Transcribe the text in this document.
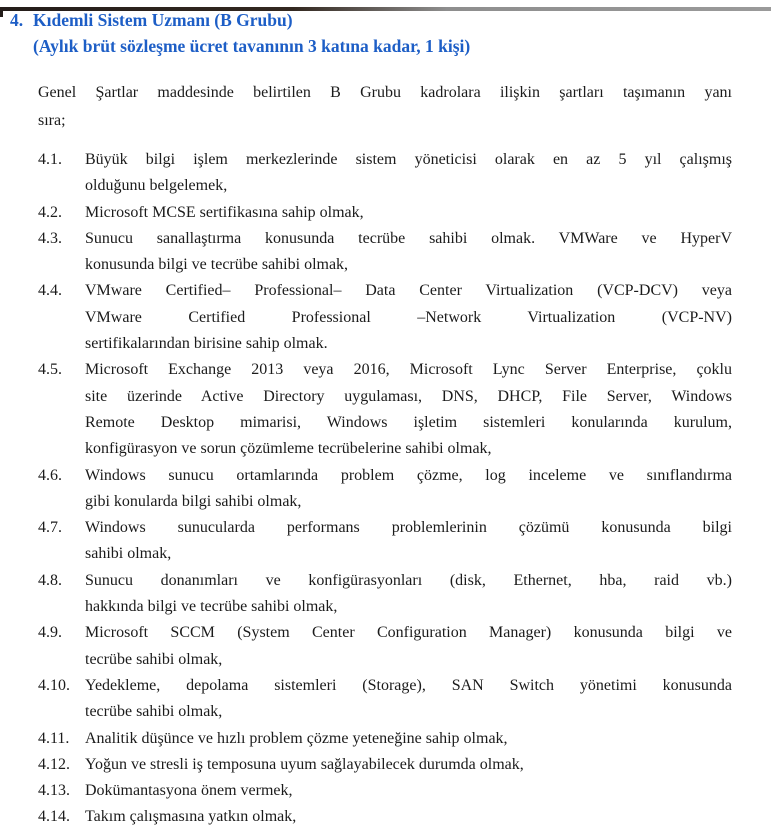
4. Kıdemli Sistem Uzmanı (B Grubu)
(Aylık brüt sözleşme ücret tavanının 3 katına kadar, 1 kişi)
Genel Şartlar maddesinde belirtilen B Grubu kadrolara ilişkin şartları taşımanın yanı
sıra;
4.1. Büyük bilgi işlem merkezlerinde sistem yöneticisi olarak en az 5 yıl çalışmış
olduğunu belgelemek,
4.2. Microsoft MCSE sertifikasına sahip olmak,
4.3. Sunucu sanallaştırma konusunda tecrübe sahibi olmak. VMWare ve HyperV
konusunda bilgi ve tecrübe sahibi olmak,
4.4. VMware Certified– Professional– Data Center Virtualization (VCP-DCV) veya
VMware Certified Professional –Network Virtualization (VCP-NV)
sertifikalarından birisine sahip olmak.
4.5. Microsoft Exchange 2013 veya 2016, Microsoft Lync Server Enterprise, çoklu
site üzerinde Active Directory uygulaması, DNS, DHCP, File Server, Windows
Remote Desktop mimarisi, Windows işletim sistemleri konularında kurulum,
konfigürasyon ve sorun çözümleme tecrübelerine sahibi olmak,
4.6. Windows sunucu ortamlarında problem çözme, log inceleme ve sınıflandırma
gibi konularda bilgi sahibi olmak,
4.7. Windows sunucularda performans problemlerinin çözümü konusunda bilgi
sahibi olmak,
4.8. Sunucu donanımları ve konfigürasyonları (disk, Ethernet, hba, raid vb.)
hakkında bilgi ve tecrübe sahibi olmak,
4.9. Microsoft SCCM (System Center Configuration Manager) konusunda bilgi ve
tecrübe sahibi olmak,
4.10. Yedekleme, depolama sistemleri (Storage), SAN Switch yönetimi konusunda
tecrübe sahibi olmak,
4.11. Analitik düşünce ve hızlı problem çözme yeteneğine sahip olmak,
4.12. Yoğun ve stresli iş temposuna uyum sağlayabilecek durumda olmak,
4.13. Dokümantasyona önem vermek,
4.14. Takım çalışmasına yatkın olmak,
